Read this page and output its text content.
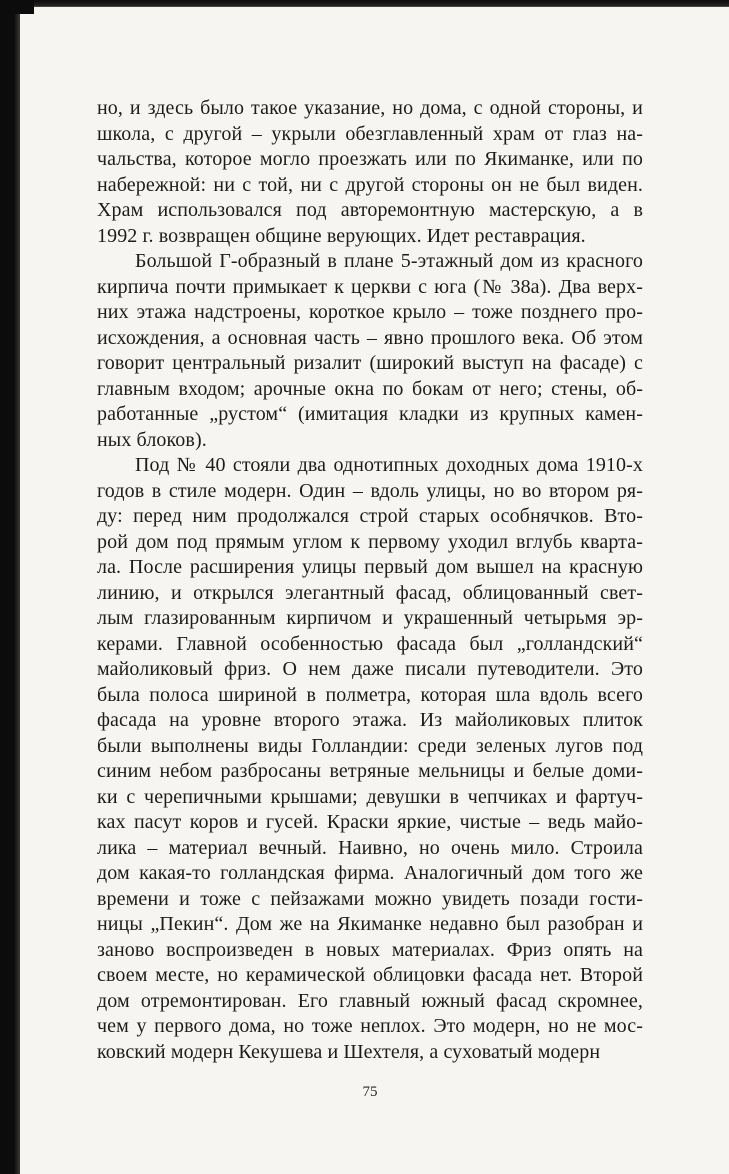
но, и здесь было такое указание, но дома, с одной стороны, и
школа, с другой – укрыли обезглавленный храм от глаз на-
чальства, которое могло проезжать или по Якиманке, или по
набережной: ни с той, ни с другой стороны он не был виден.
Храм использовался под авторемонтную мастерскую, а в
1992 г. возвращен общине верующих. Идет реставрация.
Большой Г-образный в плане 5-этажный дом из красного
кирпича почти примыкает к церкви с юга (№ 38а). Два верх-
них этажа надстроены, короткое крыло – тоже позднего про-
исхождения, а основная часть – явно прошлого века. Об этом
говорит центральный ризалит (широкий выступ на фасаде) с
главным входом; арочные окна по бокам от него; стены, об-
работанные „рустом“ (имитация кладки из крупных камен-
ных блоков).
Под № 40 стояли два однотипных доходных дома 1910-х
годов в стиле модерн. Один – вдоль улицы, но во втором ря-
ду: перед ним продолжался строй старых особнячков. Вто-
рой дом под прямым углом к первому уходил вглубь кварта-
ла. После расширения улицы первый дом вышел на красную
линию, и открылся элегантный фасад, облицованный свет-
лым глазированным кирпичом и украшенный четырьмя эр-
керами. Главной особенностью фасада был „голландский“
майоликовый фриз. О нем даже писали путеводители. Это
была полоса шириной в полметра, которая шла вдоль всего
фасада на уровне второго этажа. Из майоликовых плиток
были выполнены виды Голландии: среди зеленых лугов под
синим небом разбросаны ветряные мельницы и белые доми-
ки с черепичными крышами; девушки в чепчиках и фартуч-
ках пасут коров и гусей. Краски яркие, чистые – ведь майо-
лика – материал вечный. Наивно, но очень мило. Строила
дом какая-то голландская фирма. Аналогичный дом того же
времени и тоже с пейзажами можно увидеть позади гости-
ницы „Пекин“. Дом же на Якиманке недавно был разобран и
заново воспроизведен в новых материалах. Фриз опять на
своем месте, но керамической облицовки фасада нет. Второй
дом отремонтирован. Его главный южный фасад скромнее,
чем у первого дома, но тоже неплох. Это модерн, но не мос-
ковский модерн Кекушева и Шехтеля, а суховатый модерн
75
